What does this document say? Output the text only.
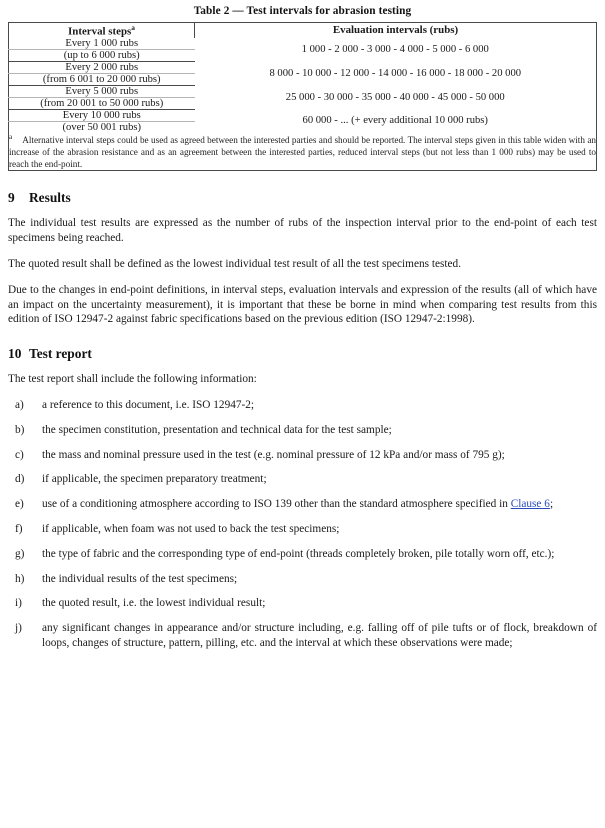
Table 2 — Test intervals for abrasion testing
Interval steps$^a$	Evaluation intervals (rubs)
Every 1 000 rubs	1 000 - 2 000 - 3 000 - 4 000 - 5 000 - 6 000
(up to 6 000 rubs)	
Every 2 000 rubs	8 000 - 10 000 - 12 000 - 14 000 - 16 000 - 18 000 - 20 000
(from 6 001 to 20 000 rubs)	
Every 5 000 rubs	25 000 - 30 000 - 35 000 - 40 000 - 45 000 - 50 000
(from 20 001 to 50 000 rubs)	
Every 10 000 rubs	60 000 - ... (+ every additional 10 000 rubs)
(over 50 001 rubs)	
$^a$ Alternative interval steps could be used as agreed between the interested parties and should be reported. The interval steps given in this table widen with an increase of the abrasion resistance and as an agreement between the interested parties, reduced interval steps (but not less than 1 000 rubs) may be used to reach the end-point.	
9 Results

The individual test results are expressed as the number of rubs of the inspection interval prior to the end-point of each test specimens being reached.

The quoted result shall be defined as the lowest individual test result of all the test specimens tested.

Due to the changes in end-point definitions, in interval steps, evaluation intervals and expression of the results (all of which have an impact on the uncertainty measurement), it is important that these be borne in mind when comparing test results from this edition of ISO 12947-2 against fabric specifications based on the previous edition (ISO 12947-2:1998).

10 Test report

The test report shall include the following information:

a) a reference to this document, i.e. ISO 12947-2;
b) the specimen constitution, presentation and technical data for the test sample;
c) the mass and nominal pressure used in the test (e.g. nominal pressure of 12 kPa and/or mass of 795 g);
d) if applicable, the specimen preparatory treatment;
e) use of a conditioning atmosphere according to ISO 139 other than the standard atmosphere specified in Clause 6;
f) if applicable, when foam was not used to back the test specimens;
g) the type of fabric and the corresponding type of end-point (threads completely broken, pile totally worn off, etc.);
h) the individual results of the test specimens;
i) the quoted result, i.e. the lowest individual result;
j) any significant changes in appearance and/or structure including, e.g. falling off of pile tufts or of flock, breakdown of loops, changes of structure, pattern, pilling, etc. and the interval at which these observations were made;
